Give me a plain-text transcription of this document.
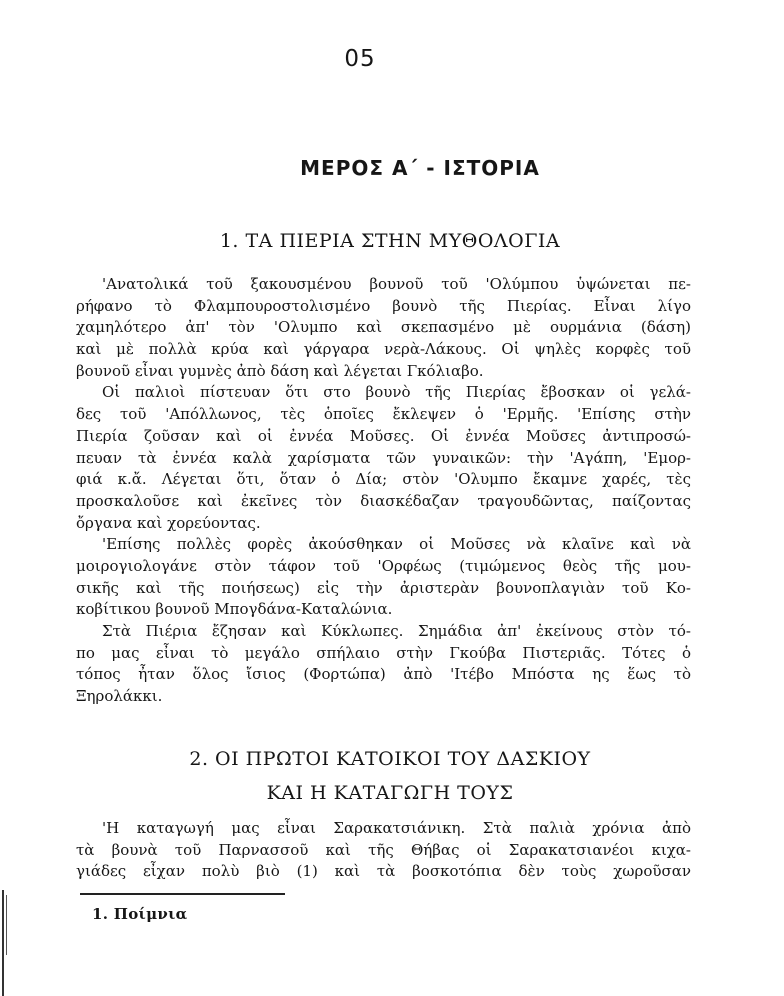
05
ΜΕΡΟΣ Α΄ - ΙΣΤΟΡΙΑ
1. ΤΑ ΠΙΕΡΙΑ ΣΤΗΝ ΜΥΘΟΛΟΓΙΑ
'Ανατολικά τοῦ ξακουσμένου βουνοῦ τοῦ 'Ολύμπου ὑψώνεται πε-
ρήφανο τὸ Φλαμπουροστολισμένο βουνὸ τῆς Πιερίας. Εἶναι λίγο
χαμηλότερο ἀπ' τὸν 'Ολυμπο καὶ σκεπασμένο μὲ ουρμάνια (δάση)
καὶ μὲ πολλὰ κρύα καὶ γάργαρα νερὰ-Λάκους. Οἱ ψηλὲς κορφὲς τοῦ
βουνοῦ εἶναι γυμνὲς ἀπὸ δάση καὶ λέγεται Γκόλιαβο.
Οἱ παλιοὶ πίστευαν ὅτι στο βουνὸ τῆς Πιερίας ἔβοσκαν οἱ γελά-
δες τοῦ 'Απόλλωνος, τὲς ὁποῖες ἔκλεψεν ὁ 'Ερμῆς. 'Επίσης στὴν
Πιερία ζοῦσαν καὶ οἱ ἐννέα Μοῦσες. Οἱ ἐννέα Μοῦσες ἀντιπροσώ-
πευαν τὰ ἐννέα καλὰ χαρίσματα τῶν γυναικῶν: τὴν 'Αγάπη, 'Εμορ-
φιά κ.ἄ. Λέγεται ὅτι, ὅταν ὁ Δία; στὸν 'Ολυμπο ἔκαμνε χαρές, τὲς
προσκαλοῦσε καὶ ἐκεῖνες τὸν διασκέδαζαν τραγουδῶντας, παίζοντας
ὄργανα καὶ χορεύοντας.
'Επίσης πολλὲς φορὲς ἀκούσθηκαν οἱ Μοῦσες νὰ κλαῖνε καὶ νὰ
μοιρογιολογάνε στὸν τάφον τοῦ 'Ορφέως (τιμώμενος θεὸς τῆς μου-
σικῆς καὶ τῆς ποιήσεως) εἰς τὴν ἀριστερὰν βουνοπλαγιὰν τοῦ Κο-
κοβίτικου βουνοῦ Μπογδάνα-Καταλώνια.
Στὰ Πιέρια ἔζησαν καὶ Κύκλωπες. Σημάδια ἀπ' ἐκείνους στὸν τό-
πο μας εἶναι τὸ μεγάλο σπήλαιο στὴν Γκούβα Πιστεριᾶς. Τότες ὁ
τόπος ἦταν ὅλος ἴσιος (Φορτώπα) ἀπὸ 'Ιτέβο Μπόστα ης ἕως τὸ
Ξηρολάκκι.
2. ΟΙ ΠΡΩΤΟΙ ΚΑΤΟΙΚΟΙ ΤΟΥ ΔΑΣΚΙΟΥ
ΚΑΙ Η ΚΑΤΑΓΩΓΗ ΤΟΥΣ
'Η καταγωγή μας εἶναι Σαρακατσιάνικη. Στὰ παλιὰ χρόνια ἀπὸ
τὰ βουνὰ τοῦ Παρνασσοῦ καὶ τῆς Θήβας οἱ Σαρακατσιανέοι κιχα-
γιάδες εἶχαν πολὺ βιὸ (1) καὶ τὰ βοσκοτόπια δὲν τοὺς χωροῦσαν
1. Ποίμνια
